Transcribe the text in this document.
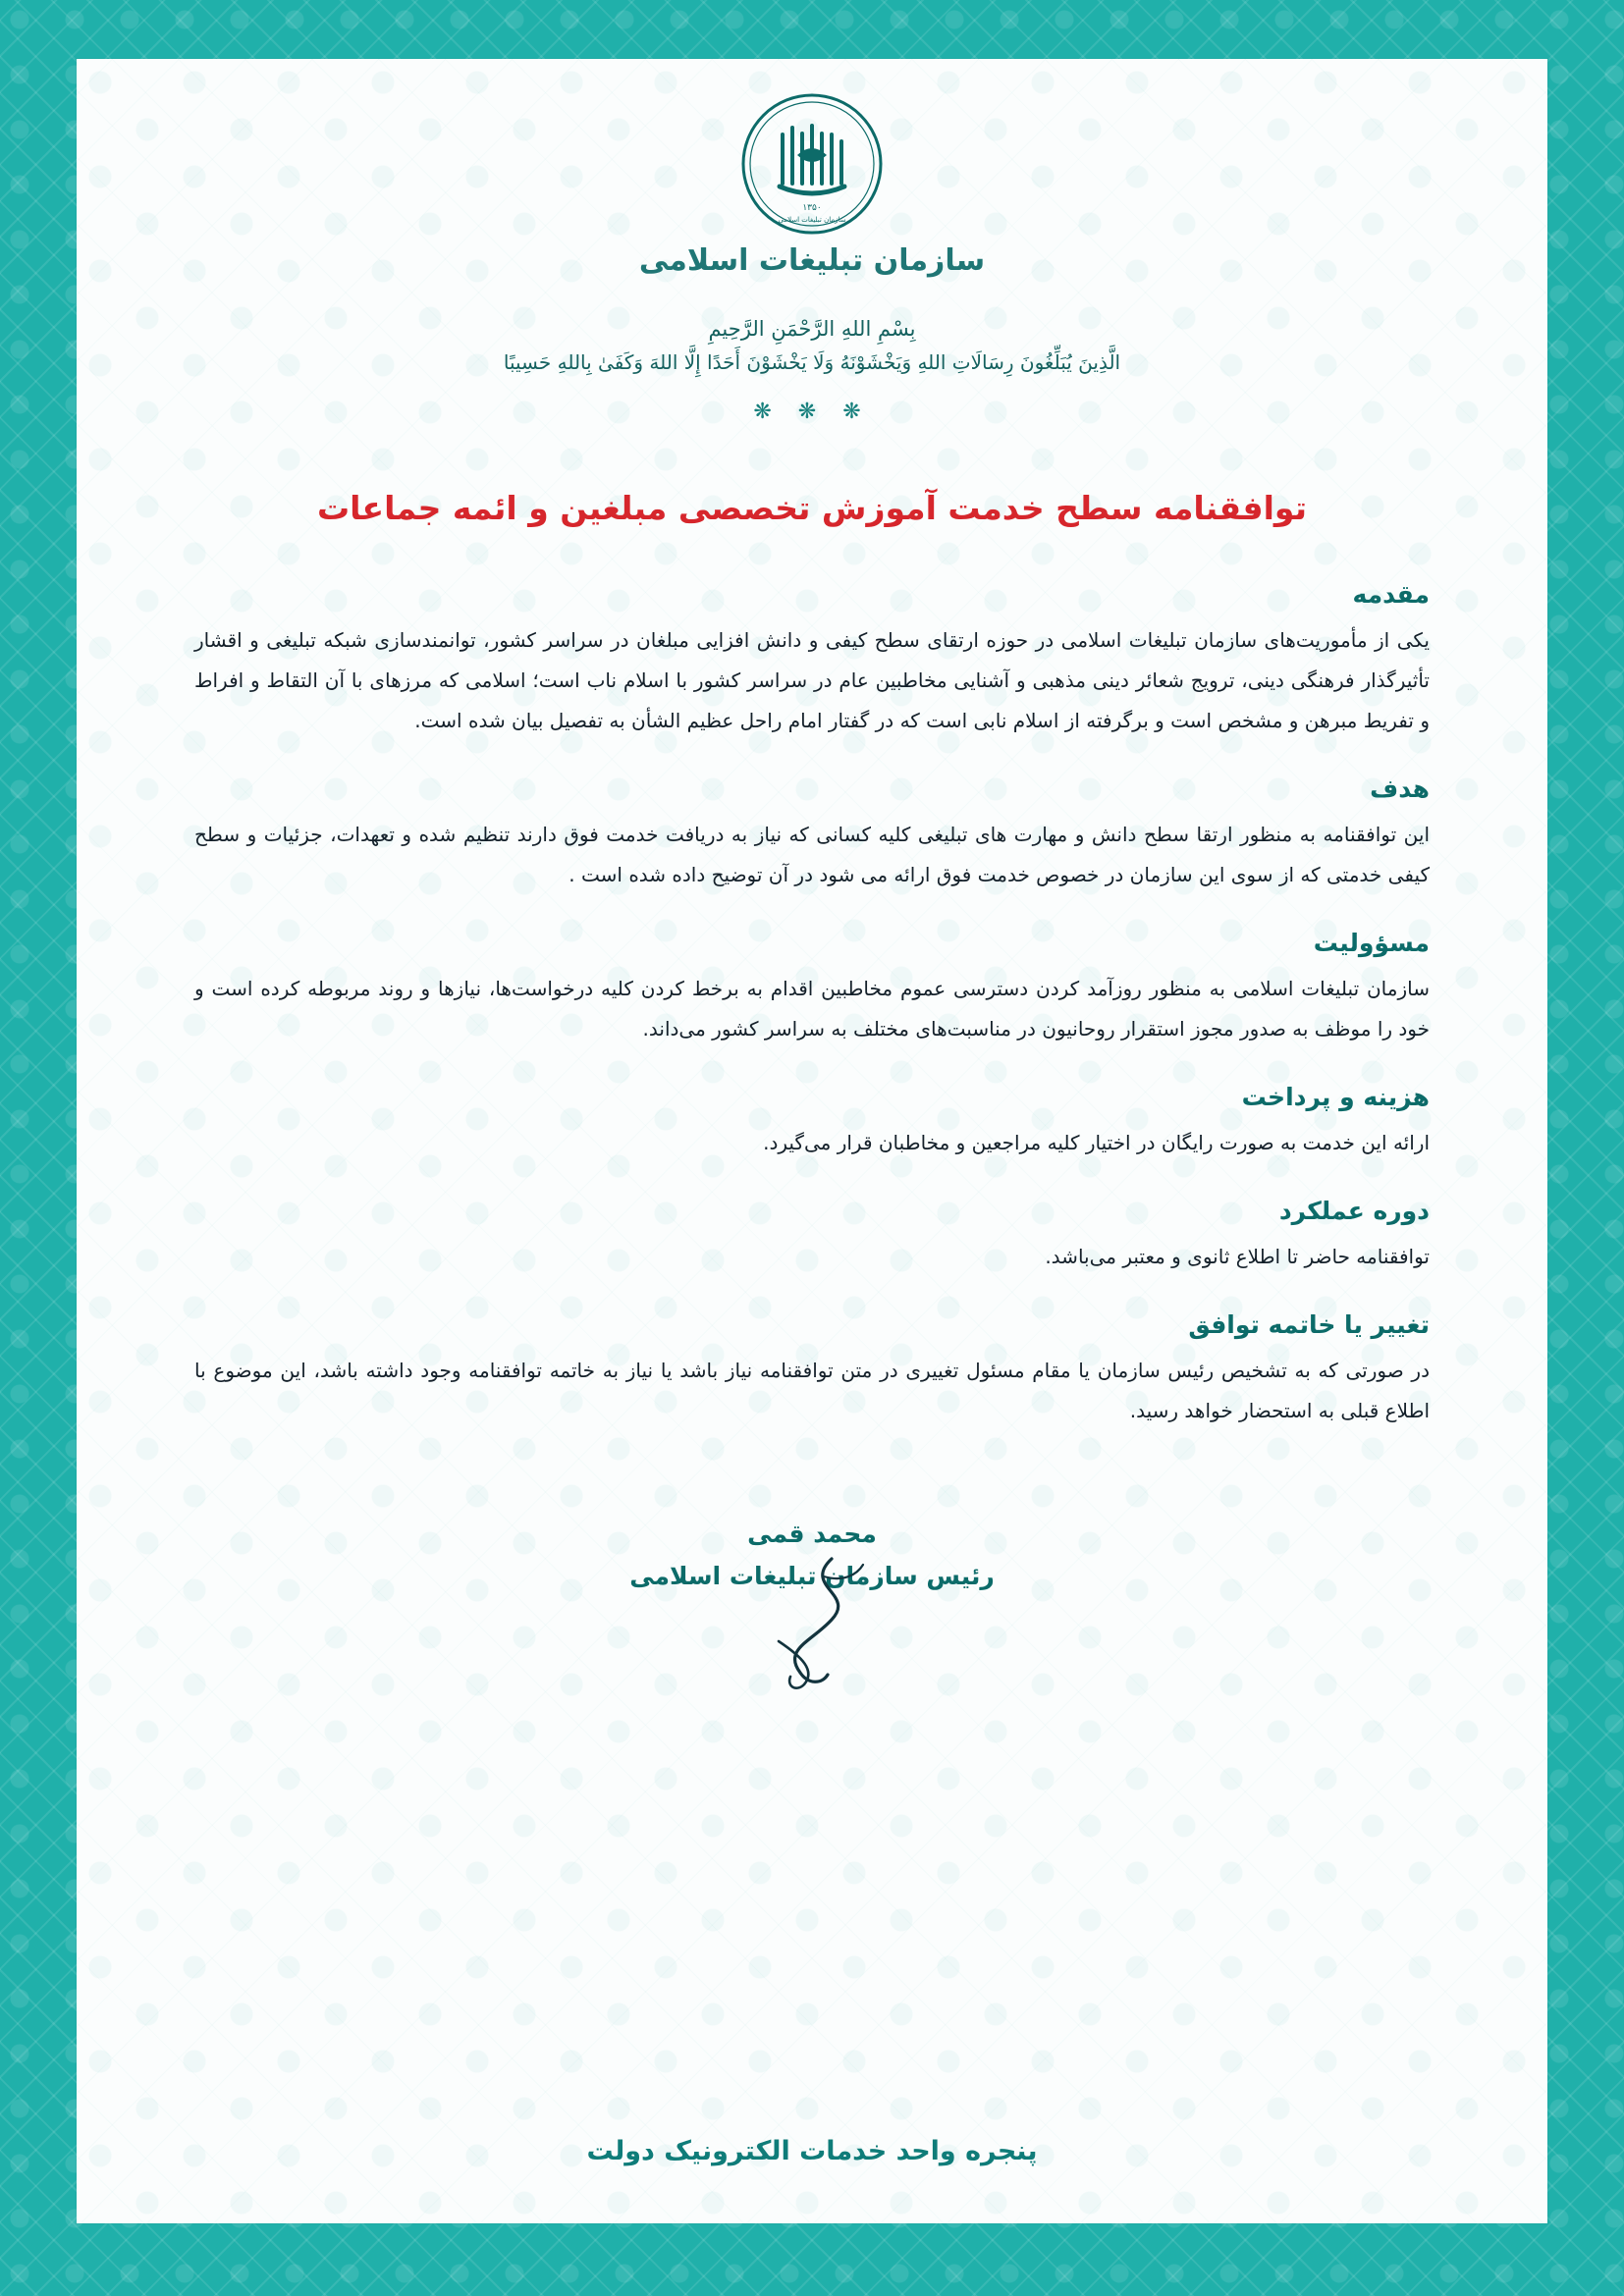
۱۳۵۰
سازمان تبلیغات اسلامی
سازمان تبلیغات اسلامی
بِسْمِ اللهِ الرَّحْمَنِ الرَّحِيمِ
الَّذِينَ يُبَلِّغُونَ رِسَالَاتِ اللهِ وَيَخْشَوْنَهُ وَلَا يَخْشَوْنَ أَحَدًا إِلَّا اللهَ وَكَفَىٰ بِاللهِ حَسِيبًا
❋ ❋ ❋
توافقنامه سطح خدمت آموزش تخصصی مبلغین و ائمه جماعات
مقدمه
یکی از مأموریت‌های سازمان تبلیغات اسلامی در حوزه ارتقای سطح کیفی و دانش افزایی مبلغان در سراسر کشور، توانمندسازی شبکه تبلیغی و اقشار تأثیرگذار فرهنگی دینی، ترویج شعائر دینی مذهبی و آشنایی مخاطبین عام در سراسر کشور با اسلام ناب است؛ اسلامی که مرزهای با آن التقاط و افراط و تفریط مبرهن و مشخص است و برگرفته از اسلام نابی است که در گفتار امام راحل عظیم الشأن به تفصیل بیان شده است.
هدف
این توافقنامه به منظور ارتقا سطح دانش و مهارت های تبلیغی کلیه کسانی که نیاز به دریافت خدمت فوق دارند تنظیم شده و تعهدات، جزئیات و سطح کیفی خدمتی که از سوی این سازمان در خصوص خدمت فوق ارائه می شود در آن توضیح داده شده است .
مسؤولیت
سازمان تبلیغات اسلامی به منظور روزآمد کردن دسترسی عموم مخاطبین اقدام به برخط کردن کلیه درخواست‌ها، نیازها و روند مربوطه کرده است و خود را موظف به صدور مجوز استقرار روحانیون در مناسبت‌های مختلف به سراسر کشور می‌داند.
هزینه و پرداخت
ارائه این خدمت به صورت رایگان در اختیار کلیه مراجعین و مخاطبان قرار می‌گیرد.
دوره عملکرد
توافقنامه حاضر تا اطلاع ثانوی و معتبر می‌باشد.
تغییر یا خاتمه توافق
در صورتی که به تشخیص رئیس سازمان یا مقام مسئول تغییری در متن توافقنامه نیاز باشد یا نیاز به خاتمه توافقنامه وجود داشته باشد، این موضوع با اطلاع قبلی به استحضار خواهد رسید.
محمد قمی
رئیس سازمان تبلیغات اسلامی
پنجره واحد خدمات الکترونیک دولت
